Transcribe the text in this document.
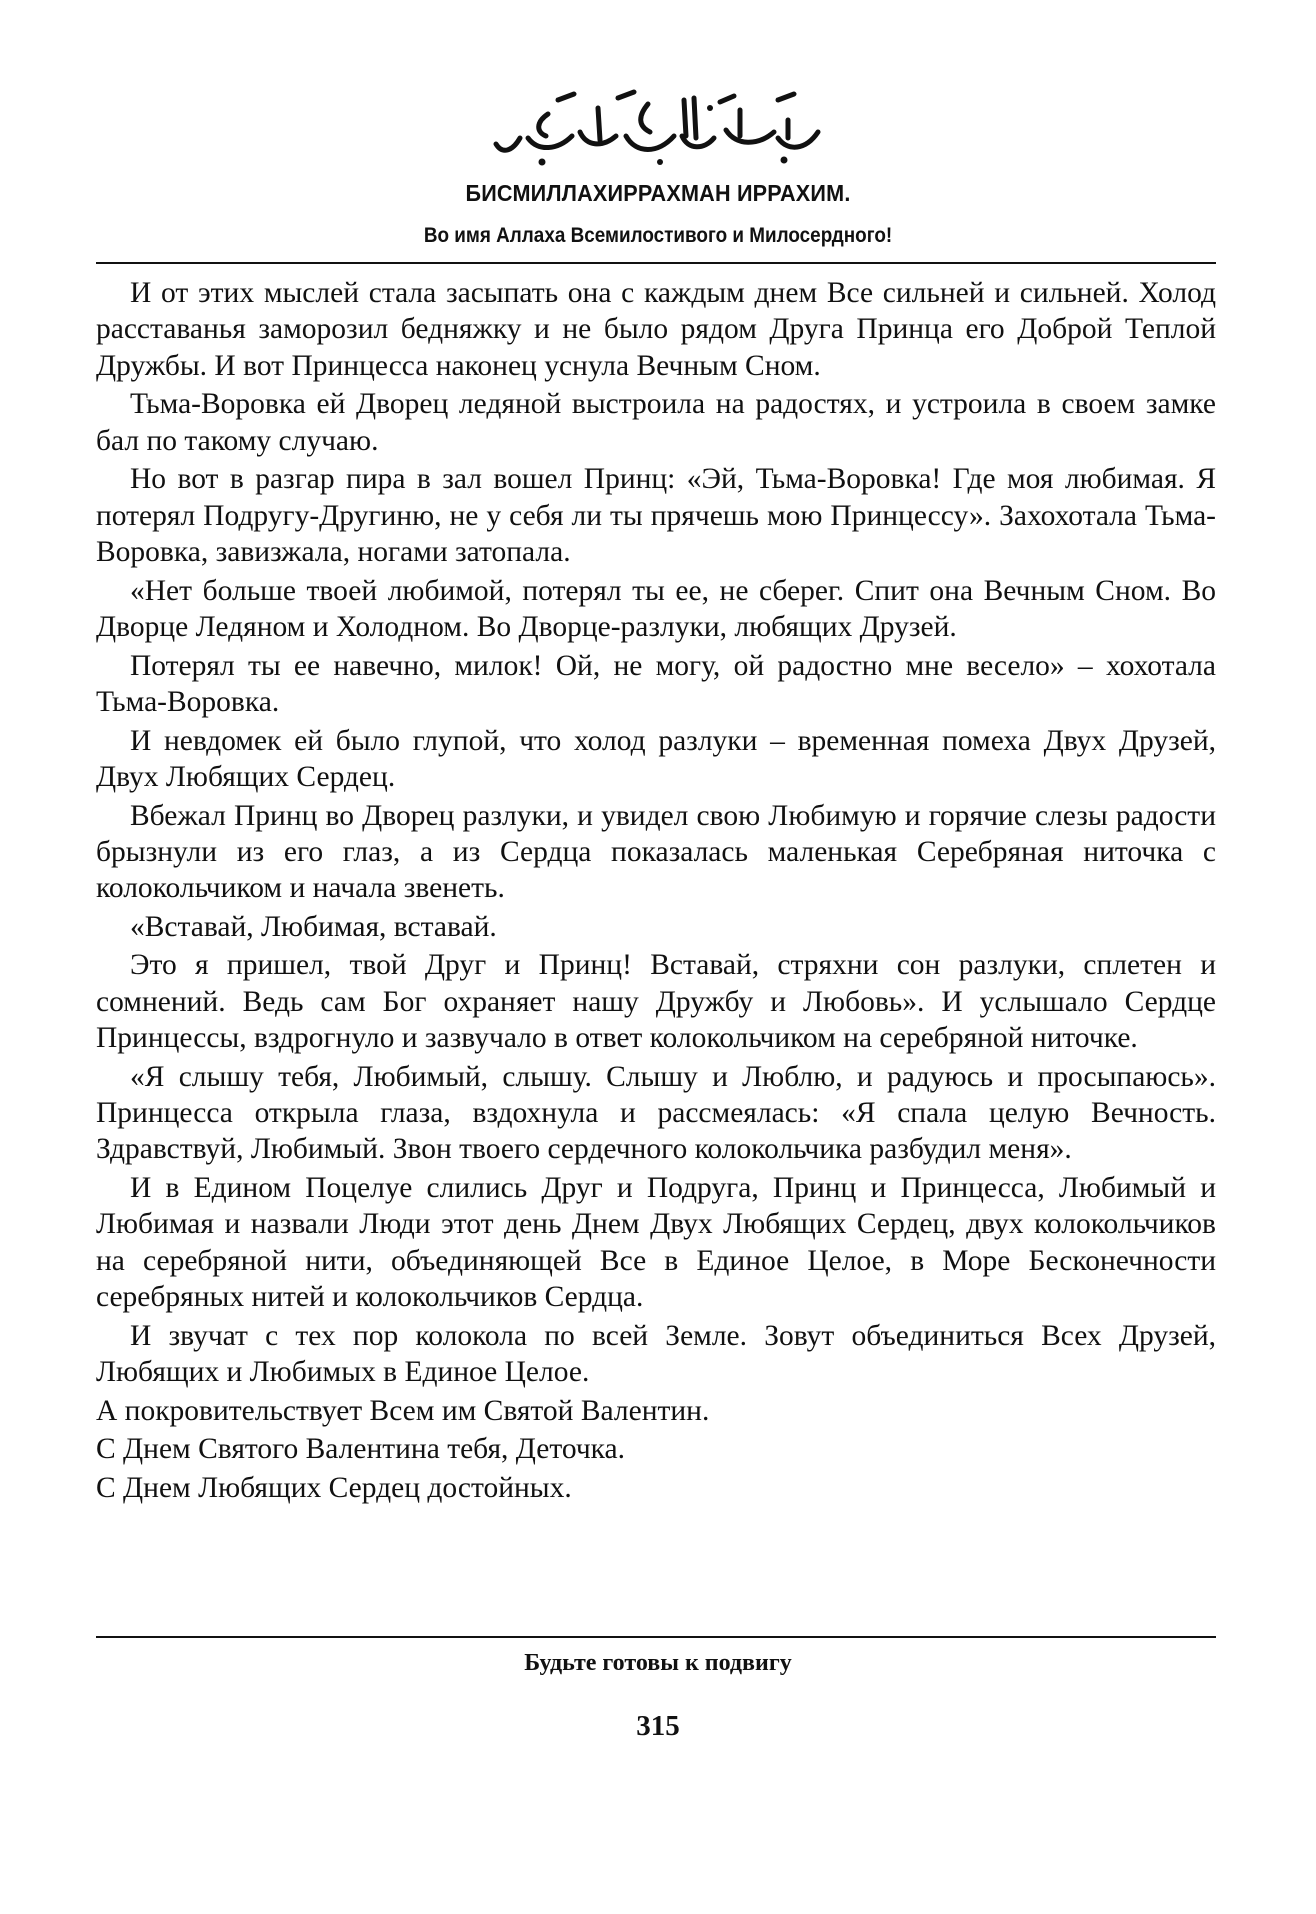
БИСМИЛЛАХИРРАХМАН ИРРАХИМ.
Во имя Аллаха Всемилостивого и Милосердного!

И от этих мыслей стала засыпать она с каждым днем Все сильней и сильней. Холод расставанья заморозил бедняжку и не было рядом Друга Принца его Доброй Теплой Дружбы. И вот Принцесса наконец уснула Вечным Сном.

Тьма-Воровка ей Дворец ледяной выстроила на радостях, и устроила в своем замке бал по такому случаю.

Но вот в разгар пира в зал вошел Принц: «Эй, Тьма-Воровка! Где моя любимая. Я потерял Подругу-Другиню, не у себя ли ты прячешь мою Принцессу». Захохотала Тьма-Воровка, завизжала, ногами затопала.

«Нет больше твоей любимой, потерял ты ее, не сберег. Спит она Вечным Сном. Во Дворце Ледяном и Холодном. Во Дворце-разлуки, любящих Друзей.

Потерял ты ее навечно, милок! Ой, не могу, ой радостно мне весело» – хохотала Тьма-Воровка.

И невдомек ей было глупой, что холод разлуки – временная помеха Двух Друзей, Двух Любящих Сердец.

Вбежал Принц во Дворец разлуки, и увидел свою Любимую и горячие слезы радости брызнули из его глаз, а из Сердца показалась маленькая Серебряная ниточка с колокольчиком и начала звенеть.

«Вставай, Любимая, вставай.

Это я пришел, твой Друг и Принц! Вставай, стряхни сон разлуки, сплетен и сомнений. Ведь сам Бог охраняет нашу Дружбу и Любовь». И услышало Сердце Принцессы, вздрогнуло и зазвучало в ответ колокольчиком на серебряной ниточке.

«Я слышу тебя, Любимый, слышу. Слышу и Люблю, и радуюсь и просыпаюсь». Принцесса открыла глаза, вздохнула и рассмеялась: «Я спала целую Вечность. Здравствуй, Любимый. Звон твоего сердечного колокольчика разбудил меня».

И в Едином Поцелуе слились Друг и Подруга, Принц и Принцесса, Любимый и Любимая и назвали Люди этот день Днем Двух Любящих Сердец, двух колокольчиков на серебряной нити, объединяющей Все в Единое Целое, в Море Бесконечности серебряных нитей и колокольчиков Сердца.

И звучат с тех пор колокола по всей Земле. Зовут объединиться Всех Друзей, Любящих и Любимых в Единое Целое.

А покровительствует Всем им Святой Валентин.

С Днем Святого Валентина тебя, Деточка.

С Днем Любящих Сердец достойных.

Будьте готовы к подвигу
315
